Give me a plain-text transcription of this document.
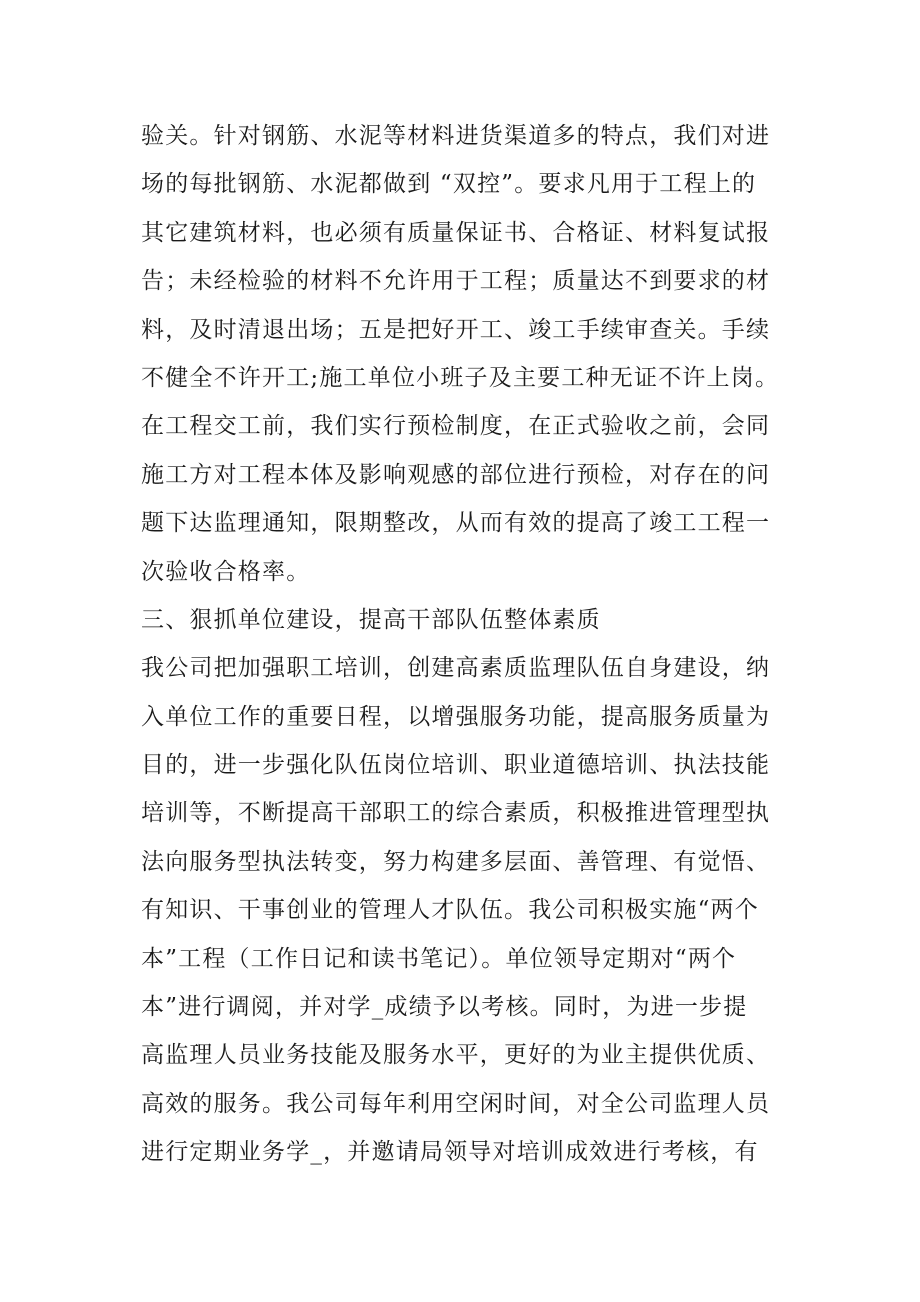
验关。针对钢筋、水泥等材料进货渠道多的特点，我们对进
场的每批钢筋、水泥都做到 “双控”。要求凡用于工程上的
其它建筑材料，也必须有质量保证书、合格证、材料复试报
告；未经检验的材料不允许用于工程；质量达不到要求的材
料，及时清退出场；五是把好开工、竣工手续审查关。手续
不健全不许开工;施工单位小班子及主要工种无证不许上岗。
在工程交工前，我们实行预检制度，在正式验收之前，会同
施工方对工程本体及影响观感的部位进行预检，对存在的问
题下达监理通知，限期整改，从而有效的提高了竣工工程一
次验收合格率。
三、狠抓单位建设，提高干部队伍整体素质
我公司把加强职工培训，创建高素质监理队伍自身建设，纳
入单位工作的重要日程，以增强服务功能，提高服务质量为
目的，进一步强化队伍岗位培训、职业道德培训、执法技能
培训等，不断提高干部职工的综合素质，积极推进管理型执
法向服务型执法转变，努力构建多层面、善管理、有觉悟、
有知识、干事创业的管理人才队伍。我公司积极实施“两个
本”工程（工作日记和读书笔记）。单位领导定期对“两个
本”进行调阅，并对学_成绩予以考核。同时，为进一步提
高监理人员业务技能及服务水平，更好的为业主提供优质、
高效的服务。我公司每年利用空闲时间，对全公司监理人员
进行定期业务学_，并邀请局领导对培训成效进行考核，有
